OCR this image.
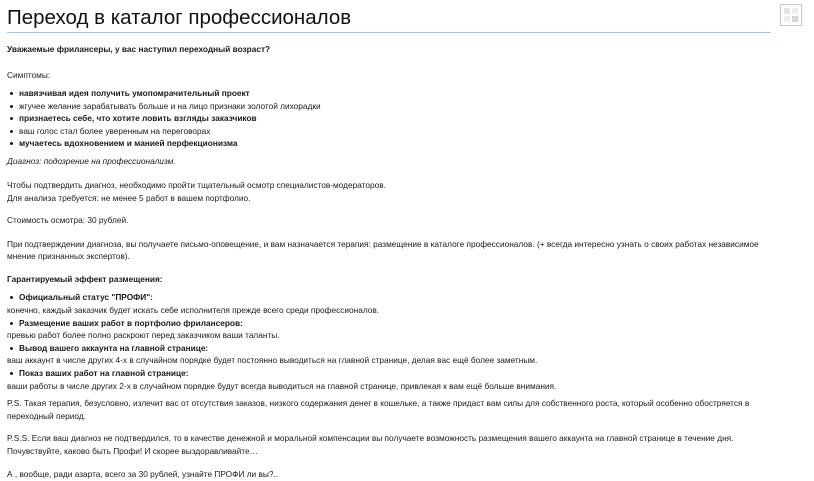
Переход в каталог профессионалов

Уважаемые фрилансеры, у вас наступил переходный возраст?

Симптомы:

навязчивая идея получить умопомрачительный проект
жгучее желание зарабатывать больше и на лицо признаки золотой лихорадки
признаетесь себе, что хотите ловить взгляды заказчиков
ваш голос стал более уверенным на переговорах
мучаетесь вдохновением и манией перфекционизма

Диагноз: подозрение на профессионализм.

Чтобы подтвердить диагноз, необходимо пройти тщательный осмотр специалистов-модераторов.

Для анализа требуется: не менее 5 работ в вашем портфолио.

Стоимость осмотра: 30 рублей.

При подтверждении диагноза, вы получаете письмо-оповещение, и вам назначается терапия: размещение в каталоге профессионалов. (+ всегда интересно узнать о своих работах независимое мнение признанных экспертов).

Гарантируемый эффект размещения:

Официальный статус "ПРОФИ":
конечно, каждый заказчик будет искать себе исполнителя прежде всего среди профессионалов.
Размещение ваших работ в портфолио фрилансеров:
превью работ более полно раскроют перед заказчиком ваши таланты.
Вывод вашего аккаунта на главной странице:
ваш аккаунт в числе других 4-х в случайном порядке будет постоянно выводиться на главной странице, делая вас ещё более заметным.
Показ ваших работ на главной странице:
ваши работы в числе других 2-х в случайном порядке будут всегда выводиться на главной странице, привлекая к вам ещё больше внимания.

P.S. Такая терапия, безусловно, излечит вас от отсутствия заказов, низкого содержания денег в кошельке, а также придаст вам силы для собственного роста, который особенно обостряется в переходный период.

P.S.S. Если ваш диагноз не подтвердился, то в качестве денежной и моральной компенсации вы получаете возможность размещения вашего аккаунта на главной странице в течение дня. Почувствуйте, каково быть Профи! И скорее выздоравливайте…

А , вообще, ради азарта, всего за 30 рублей, узнайте ПРОФИ ли вы?..
